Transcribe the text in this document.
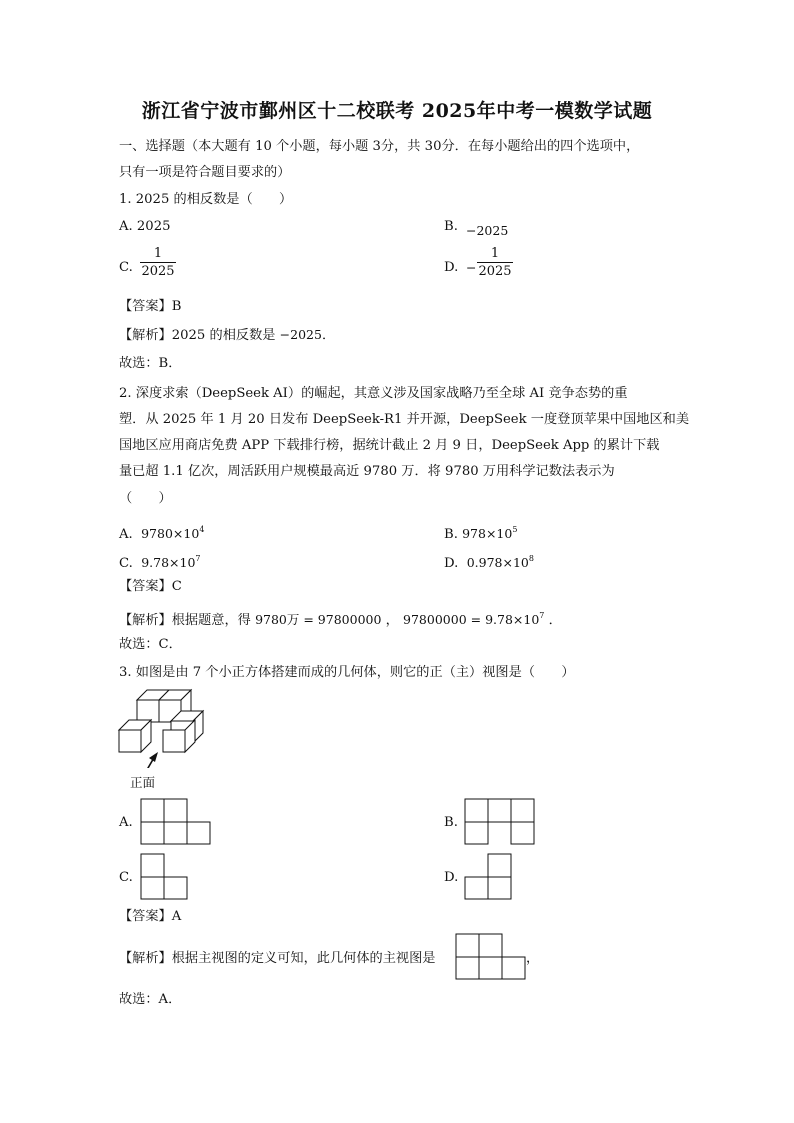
浙江省宁波市鄞州区十二校联考 2025年中考一模数学试题
一、选择题（本大题有 10 个小题，每小题 3分，共 30分．在每小题给出的四个选项中，
只有一项是符合题目要求的）
1. 2025 的相反数是（　　）
A. 2025	B. −2025
C.
1
2025	D. −
1
2025
【答案】B
【解析】2025 的相反数是 −2025．
故选：B．
2. 深度求索（DeepSeek AI）的崛起，其意义涉及国家战略乃至全球 AI 竞争态势的重
塑．从 2025 年 1 月 20 日发布 DeepSeek-R1 并开源，DeepSeek 一度登顶苹果中国地区和美
国地区应用商店免费 APP 下载排行榜，据统计截止 2 月 9 日，DeepSeek App 的累计下载
量已超 1.1 亿次，周活跃用户规模最高近 9780 万．将 9780 万用科学记数法表示为
（　　）
A. $9780\times 10^4$	B. $978\times 10^5$
C. $9.78\times 10^7$	D. $0.978\times 10^8$
【答案】C
【解析】根据题意，得 9780万 = 97800000 ， $97800000 = 9.78\times 10^7$ ．
故选：C．
3. 如图是由 7 个小正方体搭建而成的几何体，则它的正（主）视图是（　　）
正面
A.	B.
C.	D.
【答案】A
【解析】根据主视图的定义可知，此几何体的主视图是	，
故选：A．
